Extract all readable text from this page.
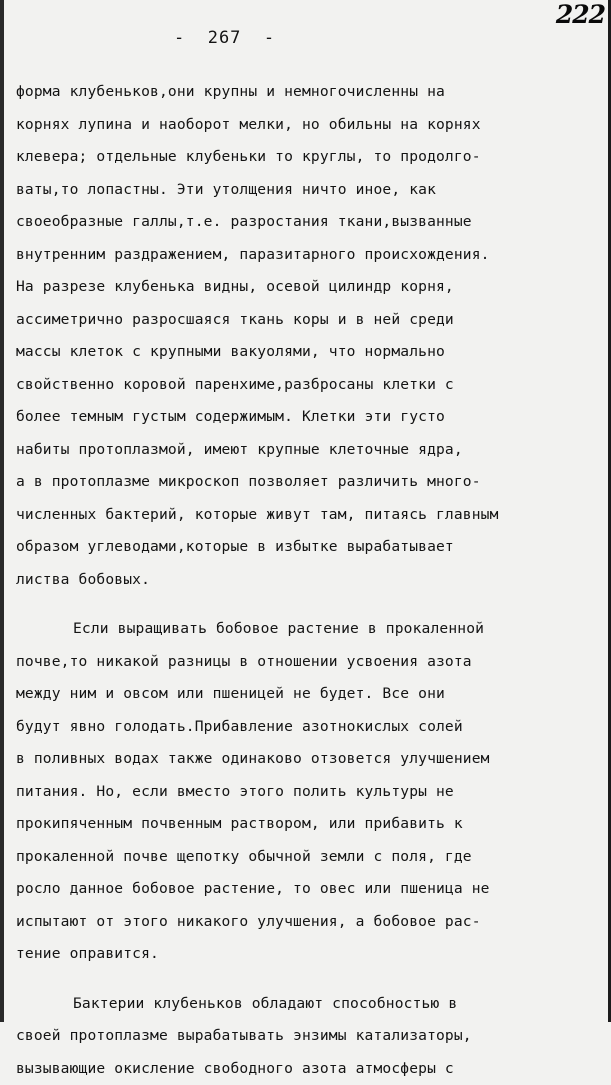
222
-  267  -
форма клубеньков,они крупны и немногочисленны на
корнях лупина и наоборот мелки, но обильны на корнях
клевера; отдельные клубеньки то круглы, то продолго-
ваты,то лопастны. Эти утолщения ничто иное, как
своеобразные галлы,т.е. разростания ткани,вызванные
внутренним раздражением, паразитарного происхождения.
На разрезе клубенька видны, осевой цилиндр корня,
ассиметрично разросшаяся ткань коры и в ней среди
массы клеток с крупными вакуолями, что нормально
свойственно коровой паренхиме,разбросаны клетки с
более темным густым содержимым. Клетки эти густо
набиты протоплазмой, имеют крупные клеточные ядра,
а в протоплазме микроскоп позволяет различить много-
численных бактерий, которые живут там, питаясь главным
образом углеводами,которые в избытке вырабатывает
листва бобовых.
Если выращивать бобовое растение в прокаленной
почве,то никакой разницы в отношении усвоения азота
между ним и овсом или пшеницей не будет. Все они
будут явно голодать.Прибавление азотнокислых солей
в поливных водах также одинаково отзовется улучшением
питания. Но, если вместо этого полить культуры не
прокипяченным почвенным раствором, или прибавить к
прокаленной почве щепотку обычной земли с поля, где
росло данное бобовое растение, то овес или пшеница не
испытают от этого никакого улучшения, а бобовое рас-
тение оправится.
Бактерии клубеньков обладают способностью в
своей протоплазме вырабатывать энзимы катализаторы,
вызывающие окисление свободного азота атмосферы с
